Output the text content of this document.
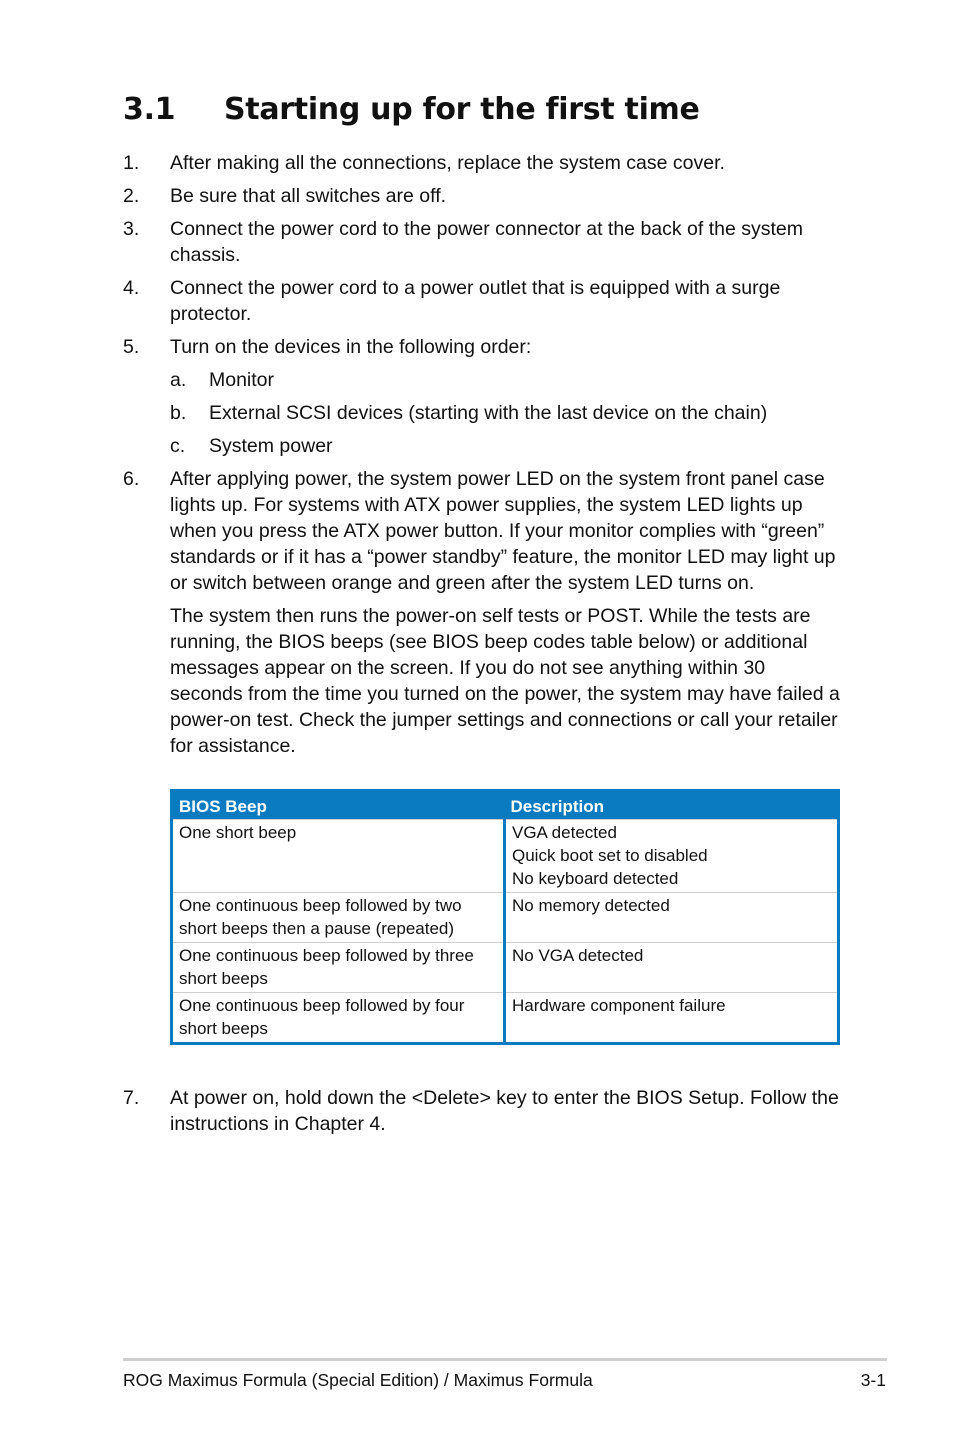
3.1 Starting up for the first time
1. After making all the connections, replace the system case cover.
2. Be sure that all switches are off.
3. Connect the power cord to the power connector at the back of the system chassis.
4. Connect the power cord to a power outlet that is equipped with a surge protector.
5. Turn on the devices in the following order:
a. Monitor
b. External SCSI devices (starting with the last device on the chain)
c. System power
6. After applying power, the system power LED on the system front panel case lights up. For systems with ATX power supplies, the system LED lights up when you press the ATX power button. If your monitor complies with “green” standards or if it has a “power standby” feature, the monitor LED may light up or switch between orange and green after the system LED turns on.
The system then runs the power-on self tests or POST. While the tests are running, the BIOS beeps (see BIOS beep codes table below) or additional messages appear on the screen. If you do not see anything within 30 seconds from the time you turned on the power, the system may have failed a power-on test. Check the jumper settings and connections or call your retailer for assistance.
BIOS Beep	Description
One short beep	VGA detected
Quick boot set to disabled
No keyboard detected

One continuous beep followed by two short beeps then a pause (repeated)	No memory detected

One continuous beep followed by three short beeps	No VGA detected

One continuous beep followed by four short beeps	Hardware component failure
7. At power on, hold down the <Delete> key to enter the BIOS Setup. Follow the instructions in Chapter 4.
ROG Maximus Formula (Special Edition) / Maximus Formula	3-1
